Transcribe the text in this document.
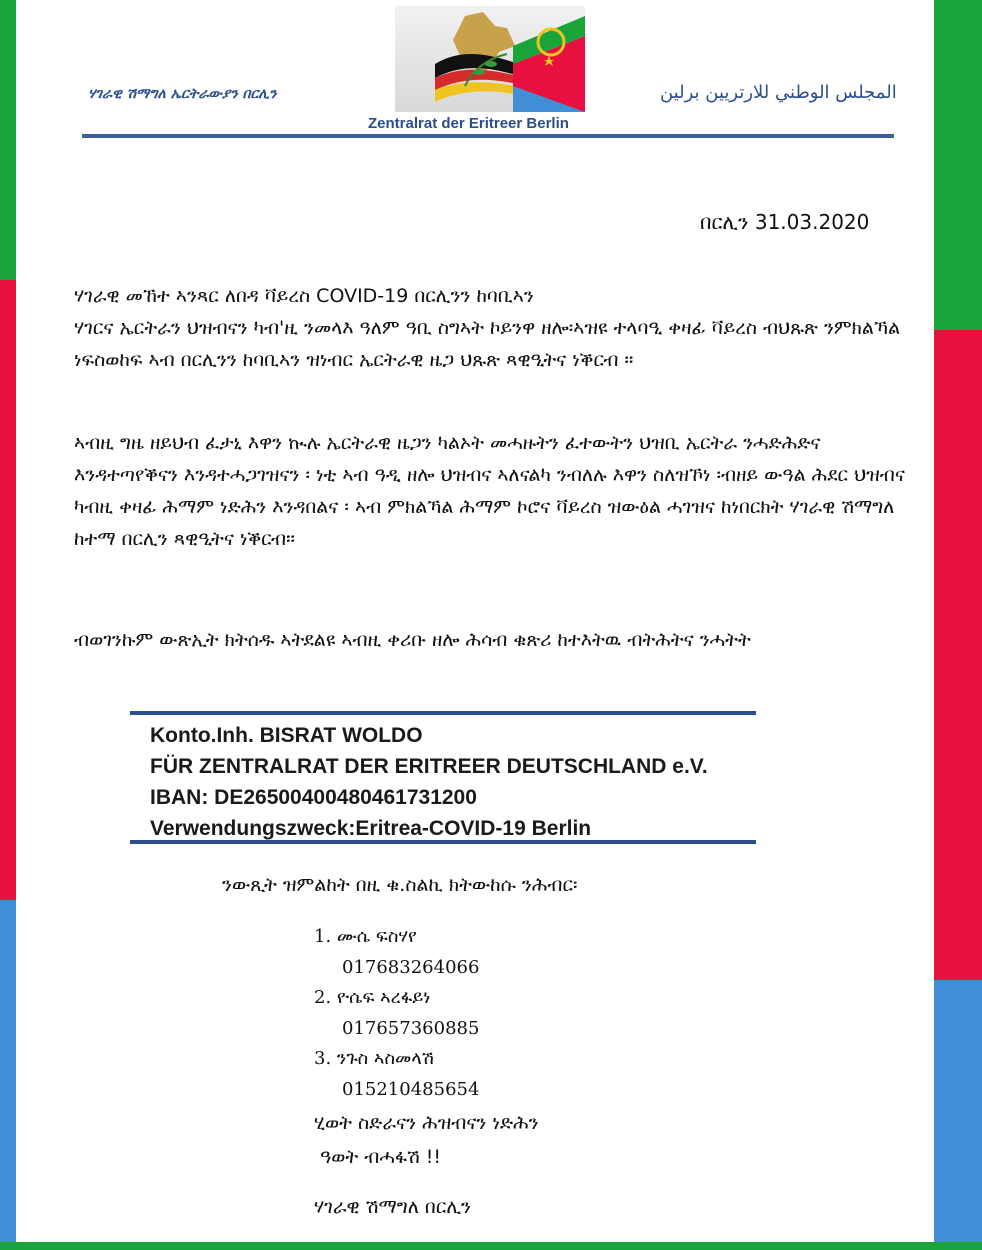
ሃገራዊ ሽማግለ ኤርትራውያን በርሊን	المجلس الوطني للارتريين برلين
Zentralrat der Eritreer Berlin
በርሊን 31.03.2020
ሃገራዊ መኸተ ኣንጻር ለበዳ ቫይረስ COVID-19 በርሊንን ከባቢኣን
ሃገርና ኤርትራን ህዝብናን ካብ'ዚ ንመላእ ዓለም ዓቢ ስግኣት ኮይንዋ ዘሎ፡ኣዝዩ ተላባዒ ቀዛፊ ቫይረስ ብህጹጽ ንምክልኻል ነፍስወከፍ ኣብ በርሊንን ከባቢኣን ዝነብር ኤርትራዊ ዜጋ ህጹጽ ጻዊዒትና ነቕርብ ።
ኣብዚ ግዜ ዘይህብ ፈታኒ እዋን ኲሉ ኤርትራዊ ዜጋን ካልኦት መሓዙትን ፈተውትን ህዝቢ ኤርትራ ንሓድሕድና እንዳተጣየቕናን እንዳተሓጋገዝናን ፡ ነቲ ኣብ ዓዲ ዘሎ ህዝብና ኣለናልካ ንብለሉ እዋን ስለዝኾነ ፡ብዘይ ውዓል ሕደር ህዝብና ካብዚ ቀዛፊ ሕማም ነድሕን እንዳበልና ፡ ኣብ ምክልኻል ሕማም ኮሮና ቫይረስ ዝውዕል ሓገዝና ከነበርክት ሃገራዊ ሽማግለ ከተማ በርሊን ጻዊዒትና ነቕርብ።
ብወገንኩም ውጽኢት ክትሰዱ ኣትደልዩ ኣብዚ ቀሪቡ ዘሎ ሕሳብ ቁጽሪ ከተእትዉ ብትሕትና ንሓትት
Konto.Inh. BISRAT WOLDO
FÜR ZENTRALRAT DER ERITREER DEUTSCHLAND e.V.
IBAN: DE26500400480461731200
Verwendungszweck:Eritrea-COVID-19 Berlin
ንውጺት ዝምልከት በዚ ቁ.ስልኪ ክትውከሱ ንሕብር፡
1. ሙሴ ፍስሃየ
017683264066
2. ዮሴፍ ኣረፋይነ
017657360885
3. ንጉስ ኣስመላሽ
015210485654
ሂወት ስድራናን ሕዝብናን ነድሕን
ዓወት ብሓፋሽ !!
ሃገራዊ ሽማግለ በርሊን
